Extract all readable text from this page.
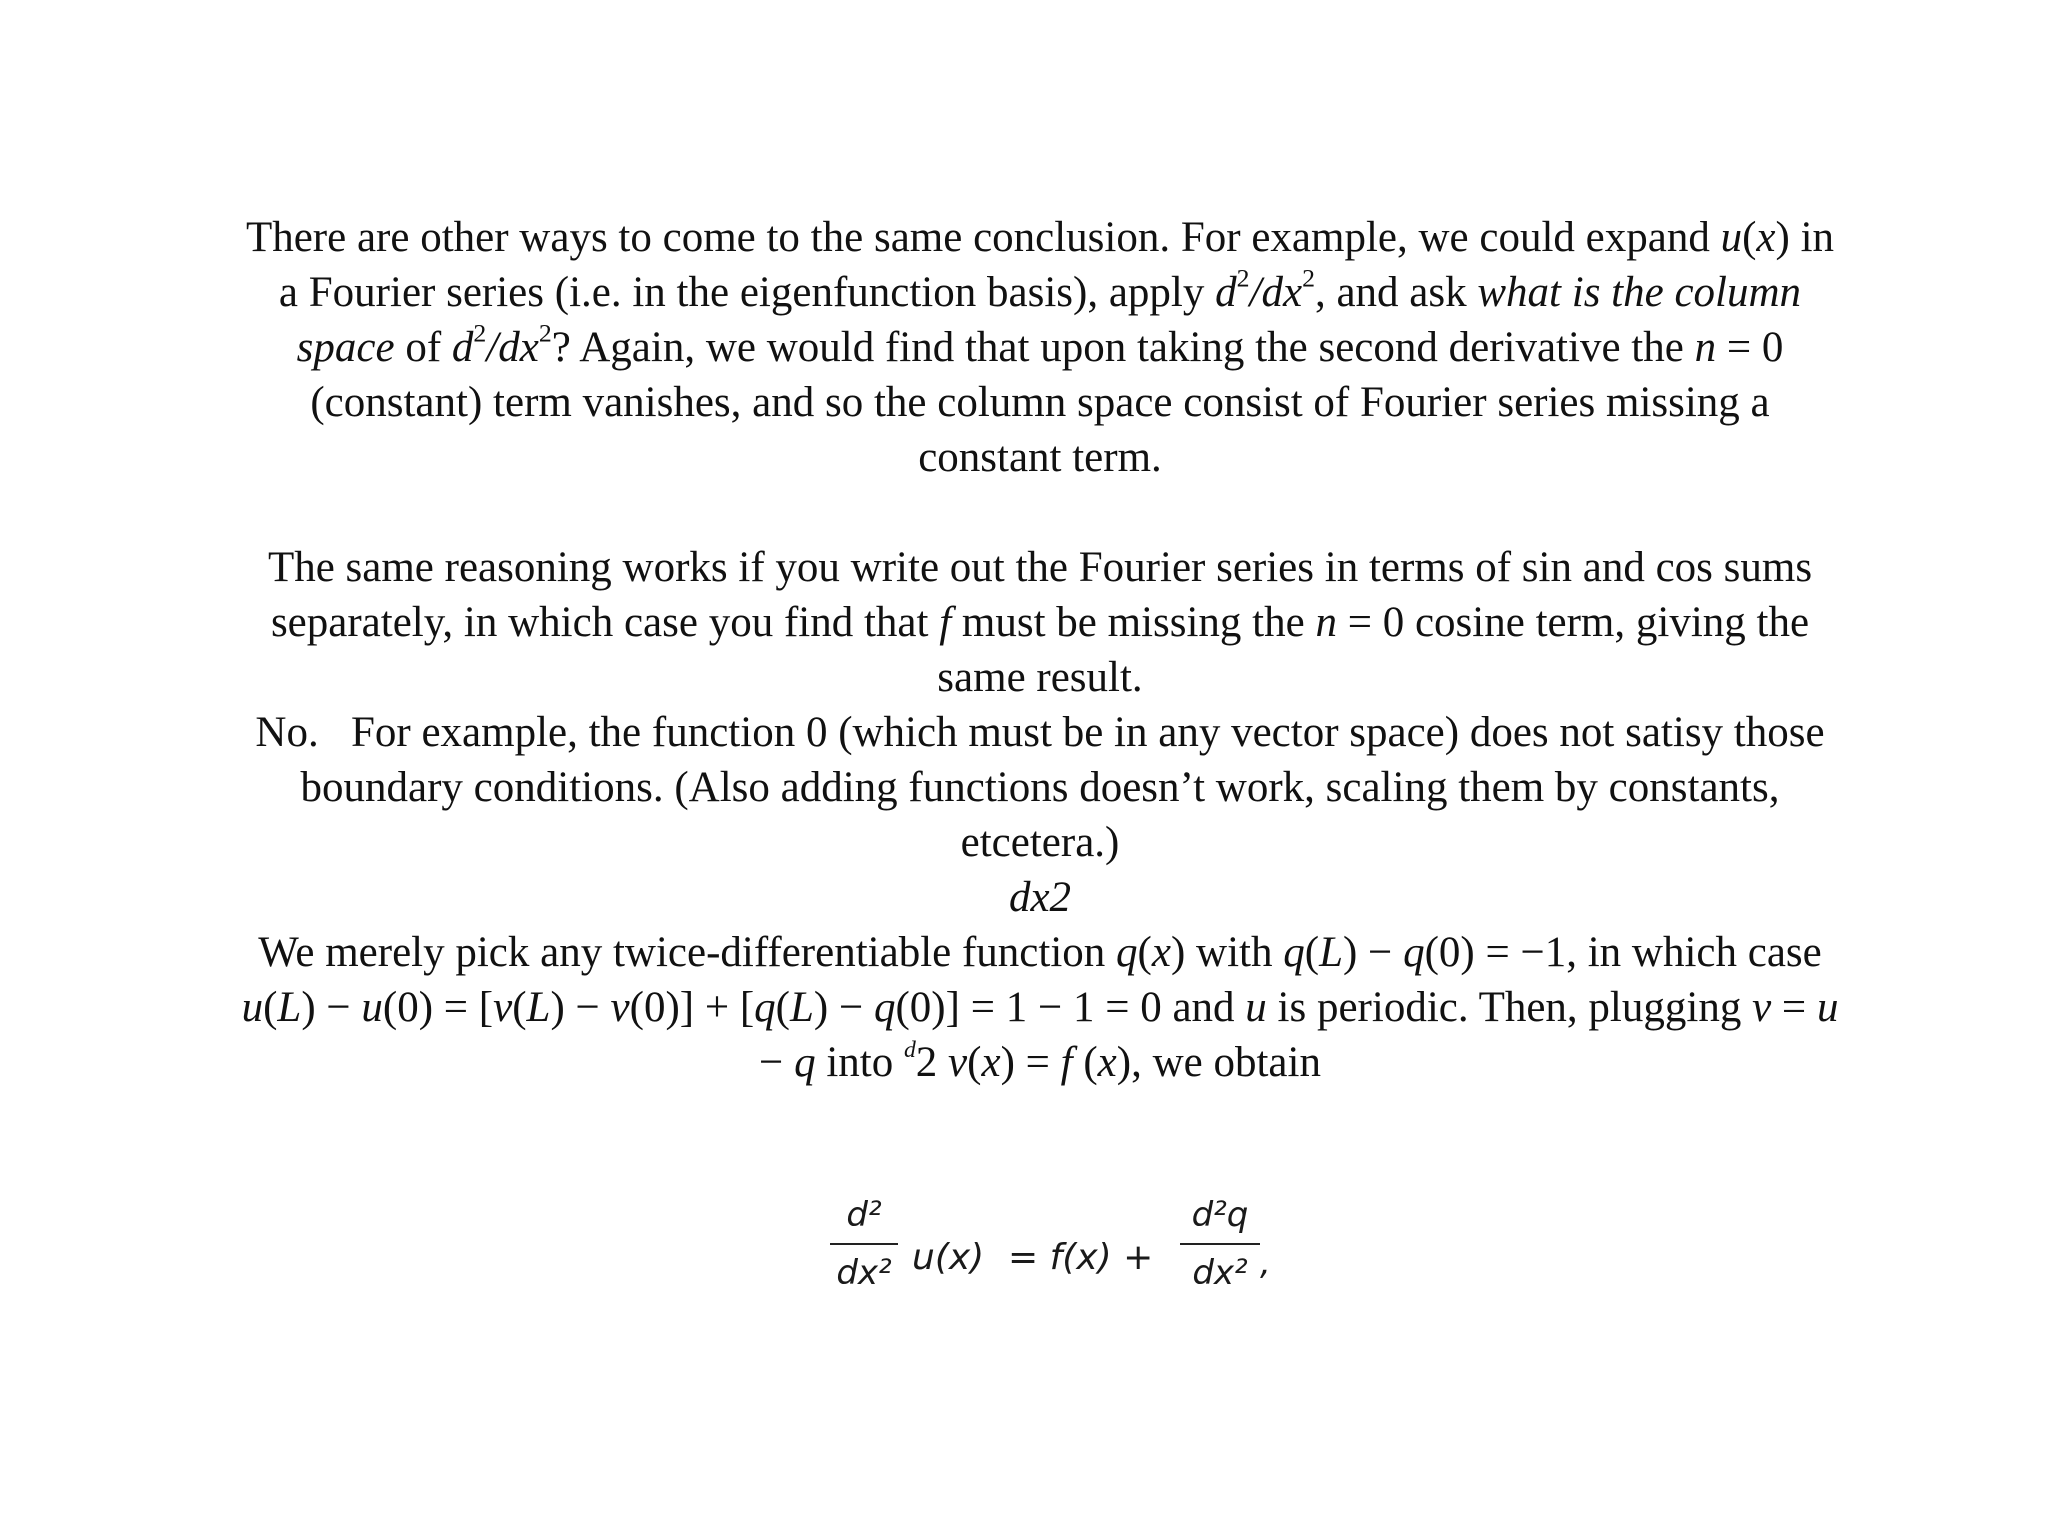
There are other ways to come to the same conclusion. For example, we could expand u(x) in
a Fourier series (i.e. in the eigenfunction basis), apply $d^2/dx^2$, and ask what is the column
space of $d^2/dx^2$? Again, we would find that upon taking the second derivative the n = 0
(constant) term vanishes, and so the column space consist of Fourier series missing a
constant term.
The same reasoning works if you write out the Fourier series in terms of sin and cos sums
separately, in which case you find that f must be missing the n = 0 cosine term, giving the
same result.
No.   For example, the function 0 (which must be in any vector space) does not satisy those
boundary conditions. (Also adding functions doesn’t work, scaling them by constants,
etcetera.)
dx2
We merely pick any twice-differentiable function q(x) with q(L) − q(0) = −1, in which case
u(L) − u(0) = [v(L) − v(0)] + [q(L) − q(0)] = 1 − 1 = 0 and u is periodic. Then, plugging v = u
− q into $^d$2 v(x) = f (x), we obtain
d²
dx² u(x) = f(x) +
d²q
dx² ,
